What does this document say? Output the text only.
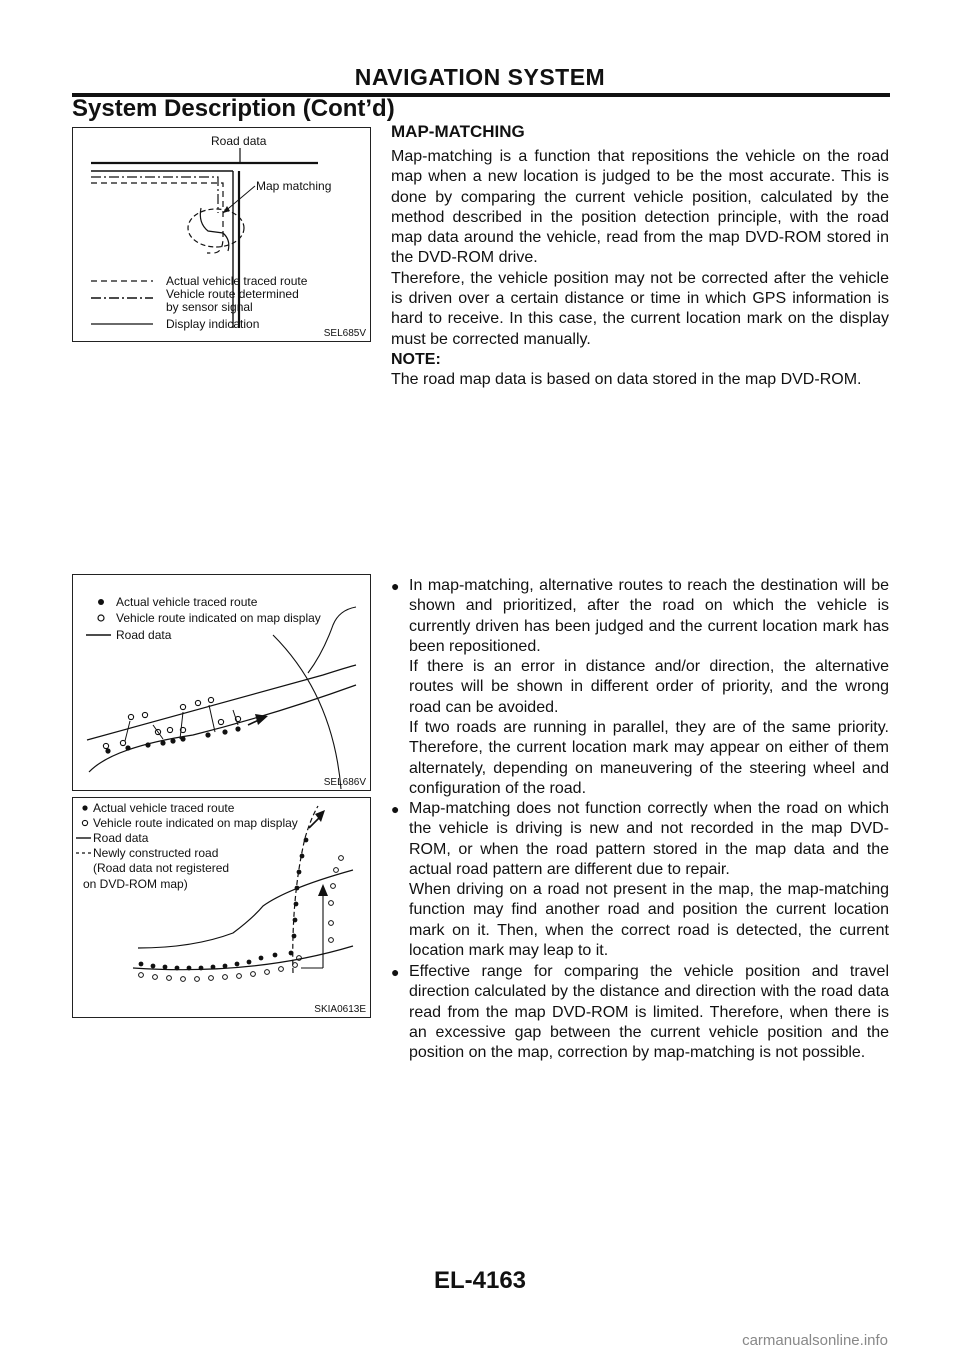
NAVIGATION SYSTEM
System Description (Cont’d)
Road data
Map matching
Actual vehicle traced route
Vehicle route determined
by sensor signal
Display indication
SEL685V
MAP-MATCHING

Map-matching is a function that repositions the vehicle on the road map when a new location is judged to be the most accurate. This is done by comparing the current vehicle position, calculated by the method described in the position detection principle, with the road map data around the vehicle, read from the map DVD-ROM stored in the DVD-ROM drive.

Therefore, the vehicle position may not be corrected after the vehicle is driven over a certain distance or time in which GPS information is hard to receive. In this case, the current location mark on the display must be corrected manually.

NOTE:

The road map data is based on data stored in the map DVD-ROM.

Actual vehicle traced route
Vehicle route indicated on map display
Road data
SEL686V
● In map-matching, alternative routes to reach the destination will be shown and prioritized, after the road on which the vehicle is currently driven has been judged and the current location mark has been repositioned.

If there is an error in distance and/or direction, the alternative routes will be shown in different order of priority, and the wrong road can be avoided.

If two roads are running in parallel, they are of the same priority. Therefore, the current location mark may appear on either of them alternately, depending on maneuvering of the steering wheel and configuration of the road.

Actual vehicle traced route
Vehicle route indicated on map display
Road data
Newly constructed road
(Road data not registered
on DVD-ROM map)
SKIA0613E
● Map-matching does not function correctly when the road on which the vehicle is driving is new and not recorded in the map DVD-ROM, or when the road pattern stored in the map data and the actual road pattern are different due to repair.

When driving on a road not present in the map, the map-matching function may find another road and position the current location mark on it. Then, when the correct road is detected, the current location mark may leap to it.

● Effective range for comparing the vehicle position and travel direction calculated by the distance and direction with the road data read from the map DVD-ROM is limited. Therefore, when there is an excessive gap between the current vehicle position and the position on the map, correction by map-matching is not possible.

EL-4163
carmanualsonline.info
